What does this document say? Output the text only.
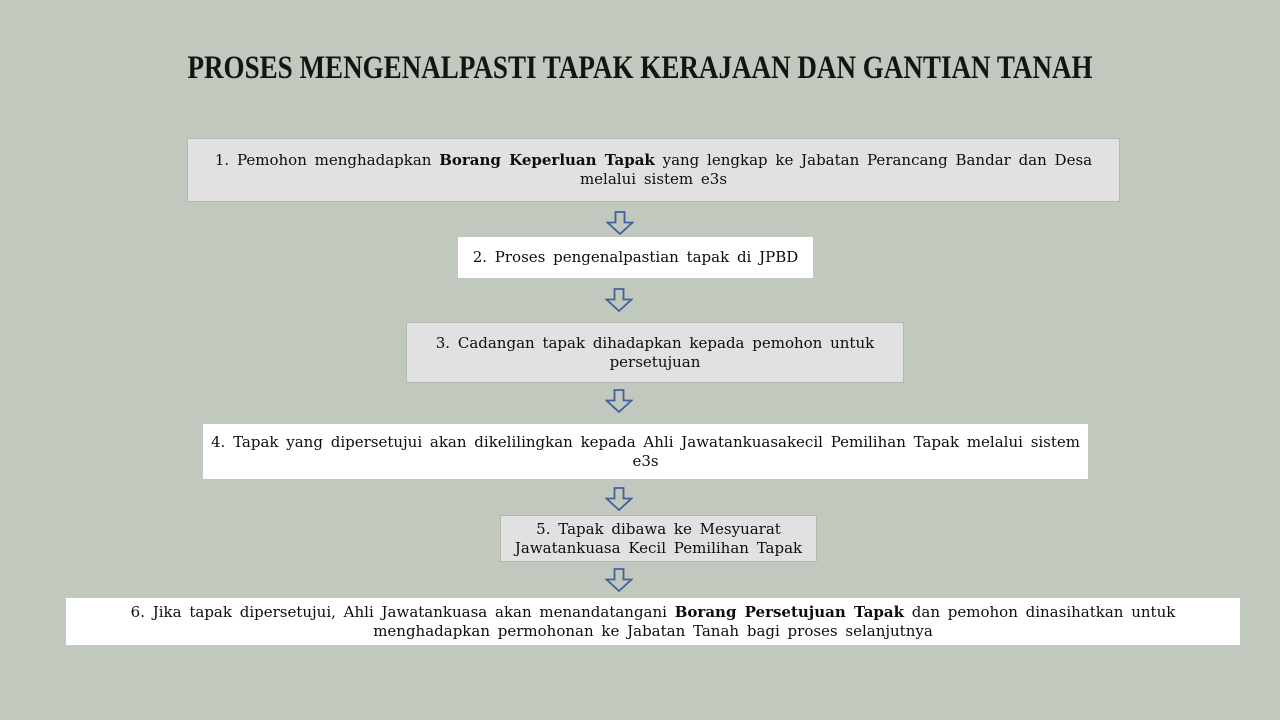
PROSES MENGENALPASTI TAPAK KERAJAAN DAN GANTIAN TANAH

1. Pemohon menghadapkan Borang Keperluan Tapak yang lengkap ke Jabatan Perancang Bandar dan Desa melalui sistem e3s

2. Proses pengenalpastian tapak di JPBD

3. Cadangan tapak dihadapkan kepada pemohon untuk persetujuan

4. Tapak yang dipersetujui akan dikelilingkan kepada Ahli Jawatankuasakecil Pemilihan Tapak melalui sistem e3s

5. Tapak dibawa ke Mesyuarat Jawatankuasa Kecil Pemilihan Tapak

6. Jika tapak dipersetujui, Ahli Jawatankuasa akan menandatangani Borang Persetujuan Tapak dan pemohon dinasihatkan untuk menghadapkan permohonan ke Jabatan Tanah bagi proses selanjutnya
